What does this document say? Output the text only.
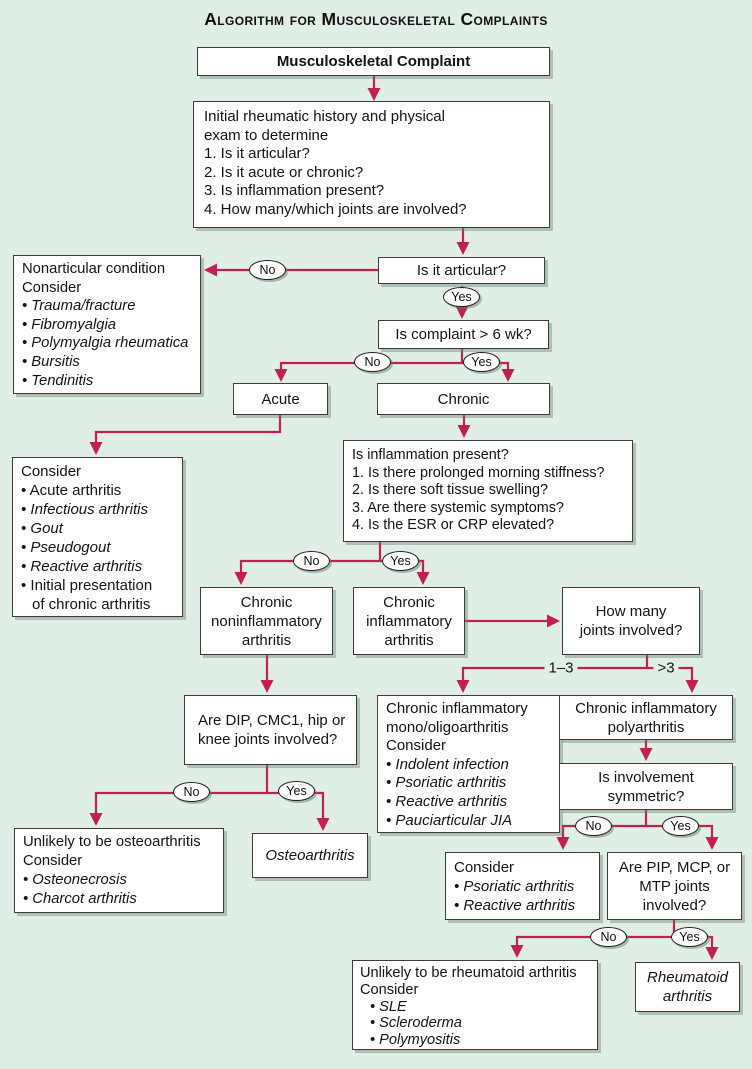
Algorithm for Musculoskeletal Complaints
1–3	>3
Musculoskeletal Complaint
Initial rheumatic history and physical
exam to determine
1. Is it articular?
2. Is it acute or chronic?
3. Is inflammation present?
4. How many/which joints are involved?
Is it articular?
Nonarticular condition
Consider
• Trauma/fracture
• Fibromyalgia
• Polymyalgia rheumatica
• Bursitis
• Tendinitis
Is complaint > 6 wk?
Acute	Chronic
Consider
• Acute arthritis
• Infectious arthritis
• Gout
• Pseudogout
• Reactive arthritis
• Initial presentation
of chronic arthritis
Is inflammation present?
1. Is there prolonged morning stiffness?
2. Is there soft tissue swelling?
3. Are there systemic symptoms?
4. Is the ESR or CRP elevated?
Chronic
noninflammatory
arthritis
Chronic
inflammatory
arthritis
How many
joints involved?
Are DIP, CMC1, hip or
knee joints involved?
Chronic inflammatory
mono/oligoarthritis
Consider
• Indolent infection
• Psoriatic arthritis
• Reactive arthritis
• Pauciarticular JIA
Chronic inflammatory
polyarthritis
Is involvement
symmetric?
Unlikely to be osteoarthritis
Consider
• Osteonecrosis
• Charcot arthritis
Osteoarthritis
Consider
• Psoriatic arthritis
• Reactive arthritis
Are PIP, MCP, or
MTP joints
involved?
Unlikely to be rheumatoid arthritis
Consider
• SLE
• Scleroderma
• Polymyositis
Rheumatoid
arthritis
No
Yes
No	Yes
No	Yes
No	Yes
No	Yes
No	Yes
